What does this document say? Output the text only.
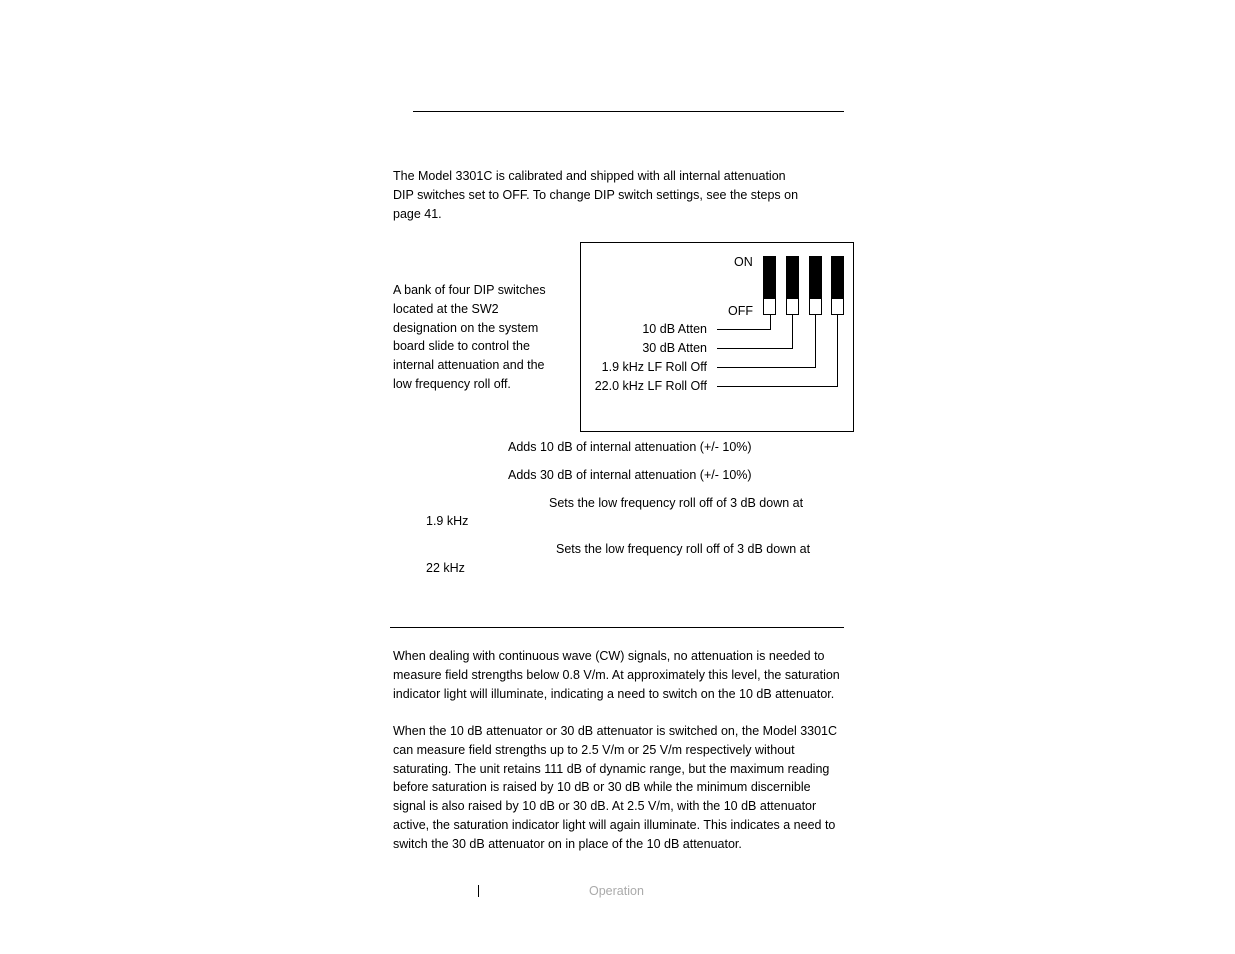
The Model 3301C is calibrated and shipped with all internal attenuation DIP switches set to OFF. To change DIP switch settings, see the steps on page 41.

A bank of four DIP switches located at the SW2 designation on the system board slide to control the internal attenuation and the low frequency roll off.

ON
OFF
10 dB Atten
30 dB Atten
1.9 kHz LF Roll Off
22.0 kHz LF Roll Off
Adds 10 dB of internal attenuation (+/- 10%)
Adds 30 dB of internal attenuation (+/- 10%)
Sets the low frequency roll off of 3 dB down at
1.9 kHz
Sets the low frequency roll off of 3 dB down at
22 kHz

When dealing with continuous wave (CW) signals, no attenuation is needed to measure field strengths below 0.8 V/m. At approximately this level, the saturation indicator light will illuminate, indicating a need to switch on the 10 dB attenuator.

When the 10 dB attenuator or 30 dB attenuator is switched on, the Model 3301C can measure field strengths up to 2.5 V/m or 25 V/m respectively without saturating. The unit retains 111 dB of dynamic range, but the maximum reading before saturation is raised by 10 dB or 30 dB while the minimum discernible signal is also raised by 10 dB or 30 dB. At 2.5 V/m, with the 10 dB attenuator active, the saturation indicator light will again illuminate. This indicates a need to switch the 30 dB attenuator on in place of the 10 dB attenuator.

Operation
